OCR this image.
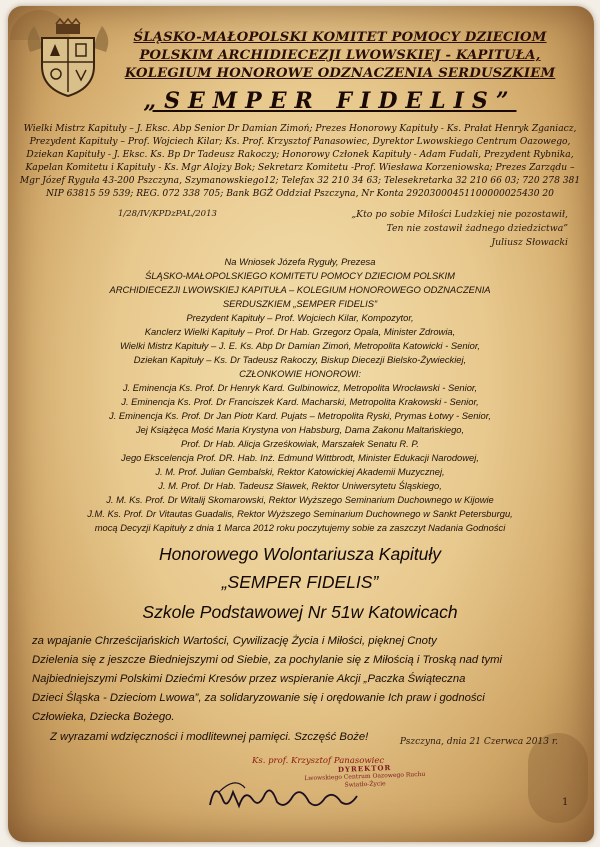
ŚLĄSKO-MAŁOPOLSKI KOMITET POMOCY DZIECIOM
POLSKIM ARCHIDIECEZJI LWOWSKIEJ - KAPITUŁA,
KOLEGIUM HONOROWE ODZNACZENIA SERDUSZKIEM
„SEMPER FIDELIS”
Wielki Mistrz Kapituły – J. Eksc. Abp Senior Dr Damian Zimoń; Prezes Honorowy Kapituły - Ks. Prałat Henryk Zganiacz,
Prezydent Kapituły – Prof. Wojciech Kilar; Ks. Prof. Krzysztof Panasowiec, Dyrektor Lwowskiego Centrum Oazowego,
Dziekan Kapituły - J. Eksc. Ks. Bp Dr Tadeusz Rakoczy; Honorowy Członek Kapituły - Adam Fudali, Prezydent Rybnika,
Kapelan Komitetu i Kapituły - Ks. Mgr Alojzy Bok; Sekretarz Komitetu -Prof. Wiesława Korzeniowska; Prezes Zarządu –
Mgr Józef Ryguła 43-200 Pszczyna, Szymanowskiego12; Telefax 32 210 34 63; Telesekretarka 32 210 66 03; 720 278 381
NIP 63815 59 539; REG. 072 338 705; Bank BGŻ Oddział Pszczyna, Nr Konta 29203000451100000025430 20
1/28/IV/KPDzPAL/2013	„Kto po sobie Miłości Ludzkiej nie pozostawił,
Ten nie zostawił żadnego dziedzictwa”
Juliusz Słowacki
Na Wniosek Józefa Ryguły, Prezesa
ŚLĄSKO-MAŁOPOLSKIEGO KOMITETU POMOCY DZIECIOM POLSKIM
ARCHIDIECEZJI LWOWSKIEJ KAPITUŁA – KOLEGIUM HONOROWEGO ODZNACZENIA
SERDUSZKIEM „SEMPER FIDELIS”
Prezydent Kapituły – Prof. Wojciech Kilar, Kompozytor,
Kanclerz Wielki Kapituły – Prof. Dr Hab. Grzegorz Opala, Minister Zdrowia,
Wielki Mistrz Kapituły – J. E. Ks. Abp Dr Damian Zimoń, Metropolita Katowicki - Senior,
Dziekan Kapituły – Ks. Dr Tadeusz Rakoczy, Biskup Diecezji Bielsko-Żywieckiej,
CZŁONKOWIE HONOROWI:
J. Eminencja Ks. Prof. Dr Henryk Kard. Gulbinowicz, Metropolita Wrocławski - Senior,
J. Eminencja Ks. Prof. Dr Franciszek Kard. Macharski, Metropolita Krakowski - Senior,
J. Eminencja Ks. Prof. Dr Jan Piotr Kard. Pujats – Metropolita Ryski, Prymas Łotwy - Senior,
Jej Książęca Mość Maria Krystyna von Habsburg, Dama Zakonu Maltańskiego,
Prof. Dr Hab. Alicja Grześkowiak, Marszałek Senatu R. P.
Jego Ekscelencja Prof. DR. Hab. Inż. Edmund Wittbrodt, Minister Edukacji Narodowej,
J. M. Prof. Julian Gembalski, Rektor Katowickiej Akademii Muzycznej,
J. M. Prof. Dr Hab. Tadeusz Sławek, Rektor Uniwersytetu Śląskiego,
J. M. Ks. Prof. Dr Witalij Skomarowski, Rektor Wyższego Seminarium Duchownego w Kijowie
J.M. Ks. Prof. Dr Vitautas Guadalis, Rektor Wyższego Seminarium Duchownego w Sankt Petersburgu,
mocą Decyzji Kapituły z dnia 1 Marca 2012 roku poczytujemy sobie za zaszczyt Nadania Godności
Honorowego Wolontariusza Kapituły
„SEMPER FIDELIS”
Szkole Podstawowej Nr 51w Katowicach
za wpajanie Chrześcijańskich Wartości, Cywilizację Życia i Miłości, pięknej Cnoty
Dzielenia się z jeszcze Biedniejszymi od Siebie, za pochylanie się z Miłością i Troską nad tymi
Najbiedniejszymi Polskimi Dziećmi Kresów przez wspieranie Akcji „Paczka Świąteczna
Dzieci Śląska - Dzieciom Lwowa”, za solidaryzowanie się i orędowanie Ich praw i godności
Człowieka, Dziecka Bożego.
Z wyrazami wdzięczności i modlitewnej pamięci. Szczęść Boże!	Pszczyna, dnia 21 Czerwca 2013 r.
Ks. prof. Krzysztof Panasowiec
DYREKTOR
Lwowskiego Centrum Oazowego Ruchu Światło-Życie
1
